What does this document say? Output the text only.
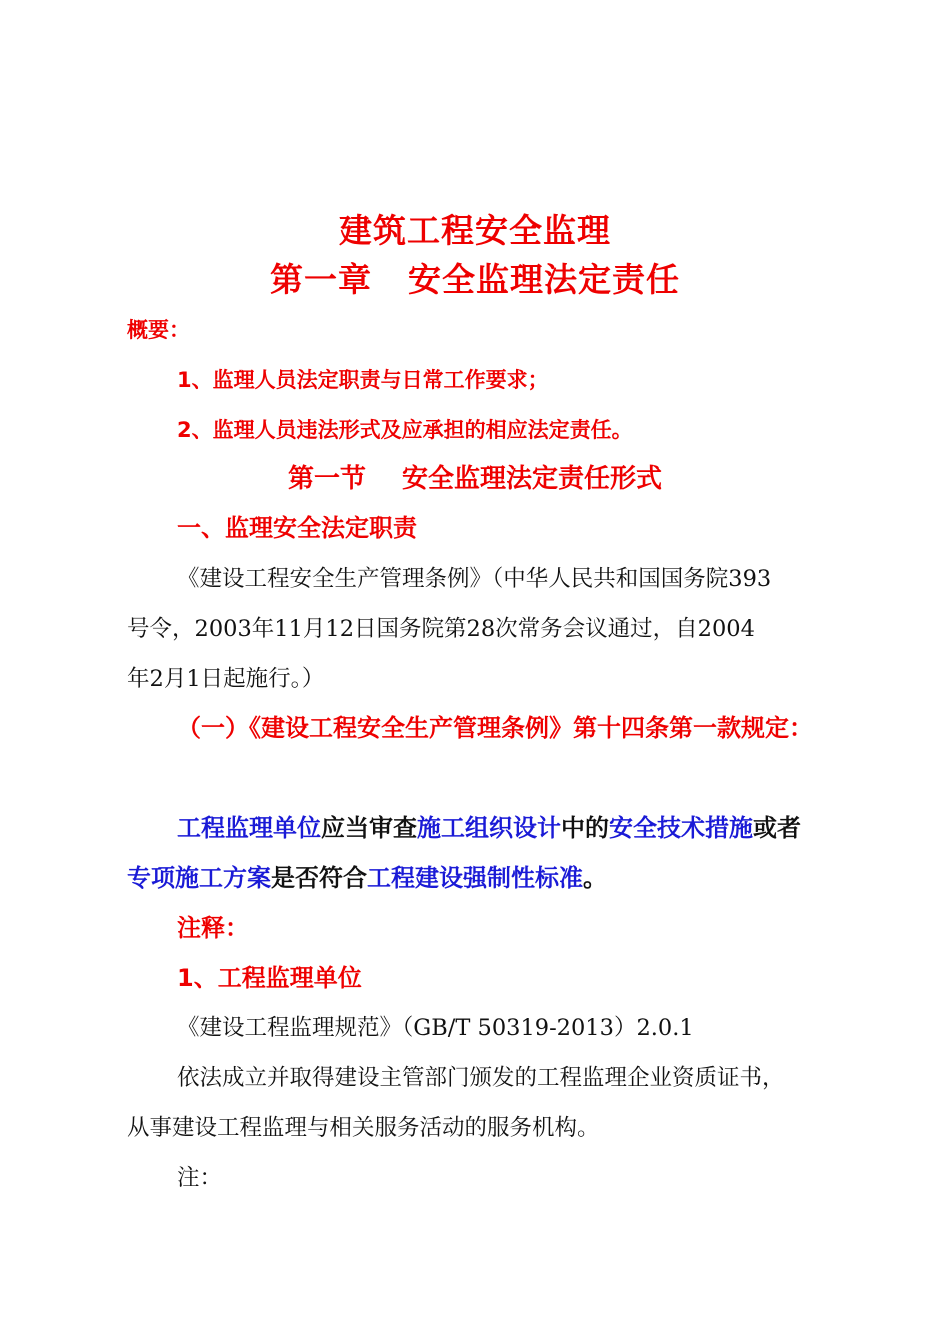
建筑工程安全监理
第一章 安全监理法定责任
概要：
1、监理人员法定职责与日常工作要求；
2、监理人员违法形式及应承担的相应法定责任。
第一节 安全监理法定责任形式
一、监理安全法定职责
《建设工程安全生产管理条例》（中华人民共和国国务院393
号令，2003年11月12日国务院第28次常务会议通过，自2004
年2月1日起施行。）
（一）《建设工程安全生产管理条例》第十四条第一款规定：
工程监理单位应当审查施工组织设计中的安全技术措施或者
专项施工方案是否符合工程建设强制性标准。
注释：
1、工程监理单位
《建设工程监理规范》（GB/T 50319-2013）2.0.1
依法成立并取得建设主管部门颁发的工程监理企业资质证书，
从事建设工程监理与相关服务活动的服务机构。
注：
